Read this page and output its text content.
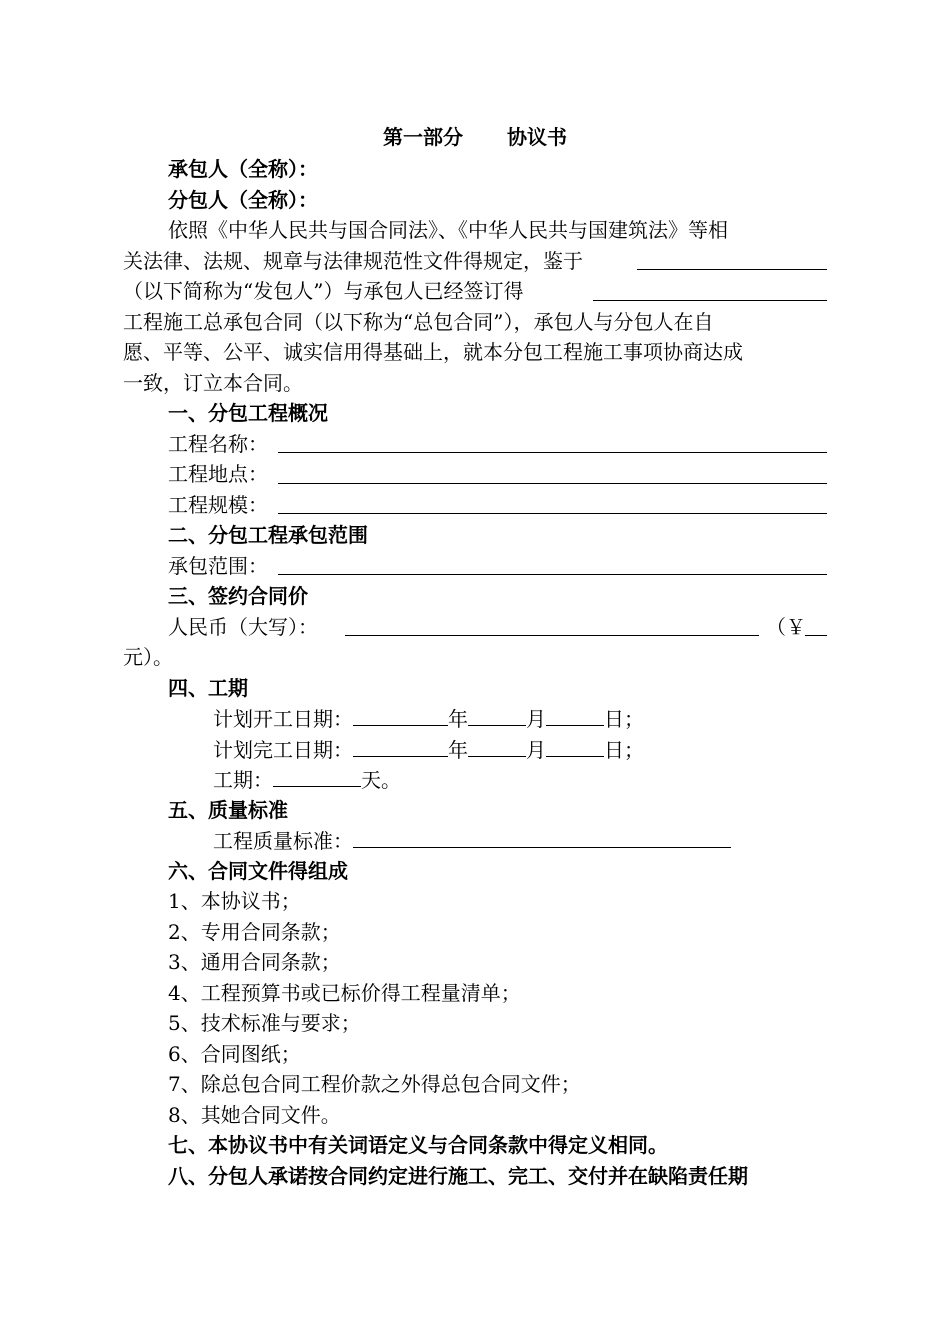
第一部分 协议书
承包人（全称）：
分包人（全称）：
依照《中华人民共与国合同法》、《中华人民共与国建筑法》等相
关法律、法规、规章与法律规范性文件得规定，鉴于
（以下简称为“发包人”）与承包人已经签订得
工程施工总承包合同（以下称为“总包合同”），承包人与分包人在自
愿、平等、公平、诚实信用得基础上，就本分包工程施工事项协商达成
一致，订立本合同。
一、分包工程概况
工程名称：
工程地点：
工程规模：
二、分包工程承包范围
承包范围：
三、签约合同价
人民币（大写）：	（￥
元）。
四、工期
计划开工日期：	年	月	日；
计划完工日期：	年	月	日；
工期：	天。
五、质量标准
工程质量标准：
六、合同文件得组成
1、本协议书；
2、专用合同条款；
3、通用合同条款；
4、工程预算书或已标价得工程量清单；
5、技术标准与要求；
6、合同图纸；
7、除总包合同工程价款之外得总包合同文件；
8、其她合同文件。
七、本协议书中有关词语定义与合同条款中得定义相同。
八、分包人承诺按合同约定进行施工、完工、交付并在缺陷责任期
